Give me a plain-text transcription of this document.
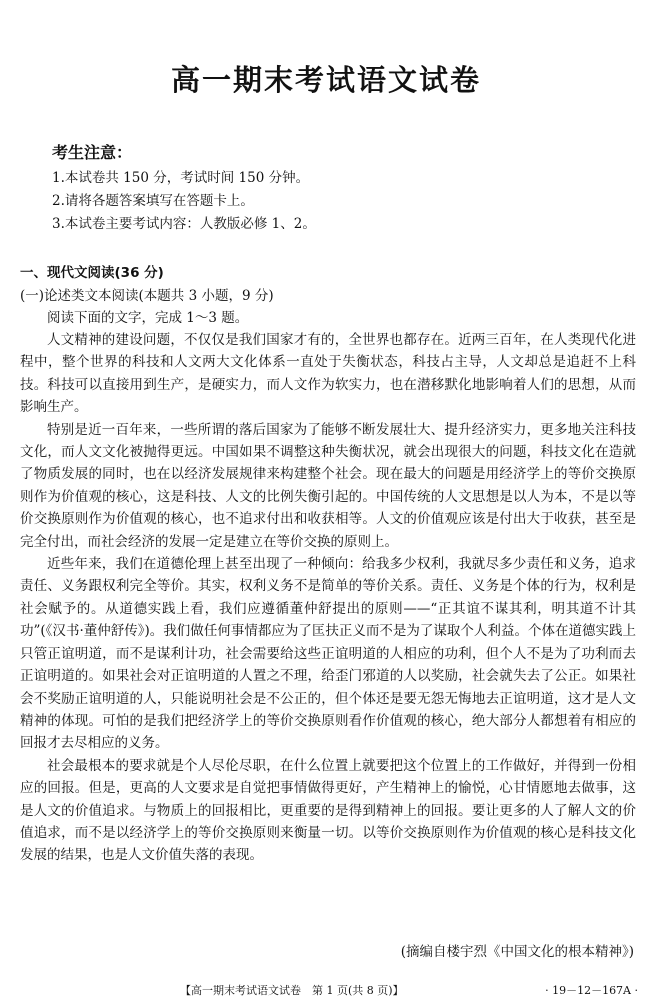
高一期末考试语文试卷
考生注意：
1.本试卷共 150 分，考试时间 150 分钟。
2.请将各题答案填写在答题卡上。
3.本试卷主要考试内容：人教版必修 1、2。
一、现代文阅读(36 分)
(一)论述类文本阅读(本题共 3 小题，9 分)
阅读下面的文字，完成 1～3 题。

人文精神的建设问题，不仅仅是我们国家才有的，全世界也都存在。近两三百年，在人类现代化进程中，整个世界的科技和人文两大文化体系一直处于失衡状态，科技占主导，人文却总是追赶不上科技。科技可以直接用到生产，是硬实力，而人文作为软实力，也在潜移默化地影响着人们的思想，从而影响生产。

特别是近一百年来，一些所谓的落后国家为了能够不断发展壮大、提升经济实力，更多地关注科技文化，而人文文化被抛得更远。中国如果不调整这种失衡状况，就会出现很大的问题，科技文化在造就了物质发展的同时，也在以经济发展规律来构建整个社会。现在最大的问题是用经济学上的等价交换原则作为价值观的核心，这是科技、人文的比例失衡引起的。中国传统的人文思想是以人为本，不是以等价交换原则作为价值观的核心，也不追求付出和收获相等。人文的价值观应该是付出大于收获，甚至是完全付出，而社会经济的发展一定是建立在等价交换的原则上。

近些年来，我们在道德伦理上甚至出现了一种倾向：给我多少权利，我就尽多少责任和义务，追求责任、义务跟权利完全等价。其实，权利义务不是简单的等价关系。责任、义务是个体的行为，权利是社会赋予的。从道德实践上看，我们应遵循董仲舒提出的原则——“正其谊不谋其利，明其道不计其功”(《汉书·董仲舒传》)。我们做任何事情都应为了匡扶正义而不是为了谋取个人利益。个体在道德实践上只管正谊明道，而不是谋利计功，社会需要给这些正谊明道的人相应的功利，但个人不是为了功利而去正谊明道的。如果社会对正谊明道的人置之不理，给歪门邪道的人以奖励，社会就失去了公正。如果社会不奖励正谊明道的人，只能说明社会是不公正的，但个体还是要无怨无悔地去正谊明道，这才是人文精神的体现。可怕的是我们把经济学上的等价交换原则看作价值观的核心，绝大部分人都想着有相应的回报才去尽相应的义务。

社会最根本的要求就是个人尽伦尽职，在什么位置上就要把这个位置上的工作做好，并得到一份相应的回报。但是，更高的人文要求是自觉把事情做得更好，产生精神上的愉悦，心甘情愿地去做事，这是人文的价值追求。与物质上的回报相比，更重要的是得到精神上的回报。要让更多的人了解人文的价值追求，而不是以经济学上的等价交换原则来衡量一切。以等价交换原则作为价值观的核心是科技文化发展的结果，也是人文价值失落的表现。

(摘编自楼宇烈《中国文化的根本精神》)
【高一期末考试语文试卷　第 1 页(共 8 页)】	· 19－12－167A ·
